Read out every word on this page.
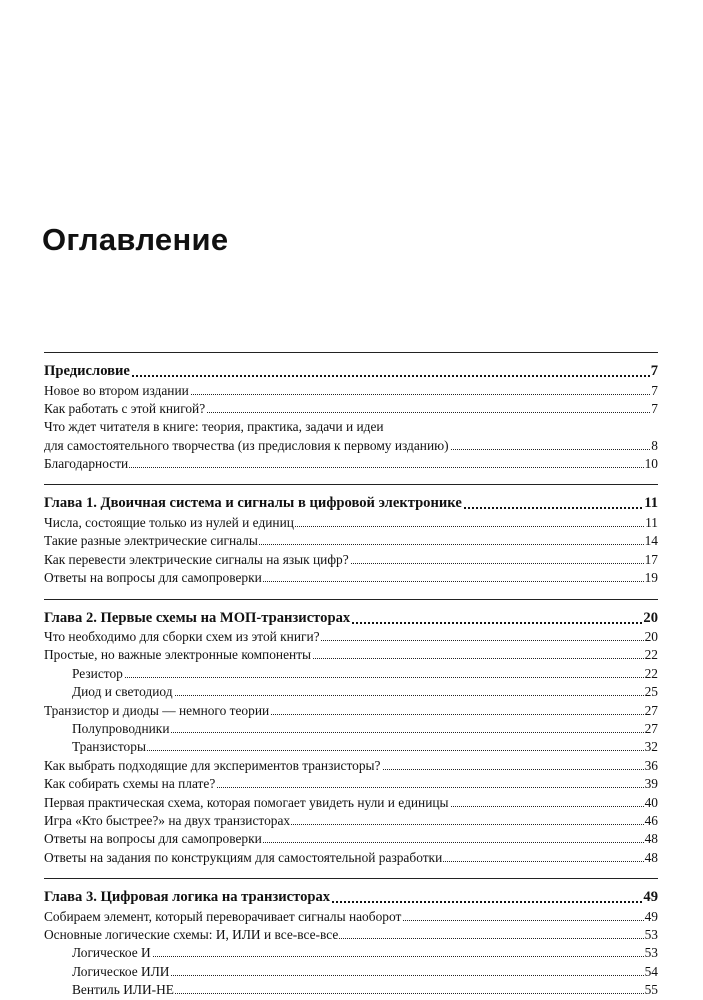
Оглавление
Предисловие	7
Новое во втором издании	7
Как работать с этой книгой?	7
Что ждет читателя в книге: теория, практика, задачи и идеи
для самостоятельного творчества (из предисловия к первому изданию)	8
Благодарности	10
Глава 1. Двоичная система и сигналы в цифровой электронике	11
Числа, состоящие только из нулей и единиц	11
Такие разные электрические сигналы	14
Как перевести электрические сигналы на язык цифр?	17
Ответы на вопросы для самопроверки	19
Глава 2. Первые схемы на МОП-транзисторах	20
Что необходимо для сборки схем из этой книги?	20
Простые, но важные электронные компоненты	22
Резистор	22
Диод и светодиод	25
Транзистор и диоды — немного теории	27
Полупроводники	27
Транзисторы	32
Как выбрать подходящие для экспериментов транзисторы?	36
Как собирать схемы на плате?	39
Первая практическая схема, которая помогает увидеть нули и единицы	40
Игра «Кто быстрее?» на двух транзисторах	46
Ответы на вопросы для самопроверки	48
Ответы на задания по конструкциям для самостоятельной разработки	48
Глава 3. Цифровая логика на транзисторах	49
Собираем элемент, который переворачивает сигналы наоборот	49
Основные логические схемы: И, ИЛИ и все-все-все	53
Логическое И	53
Логическое ИЛИ	54
Вентиль ИЛИ-НЕ	55
